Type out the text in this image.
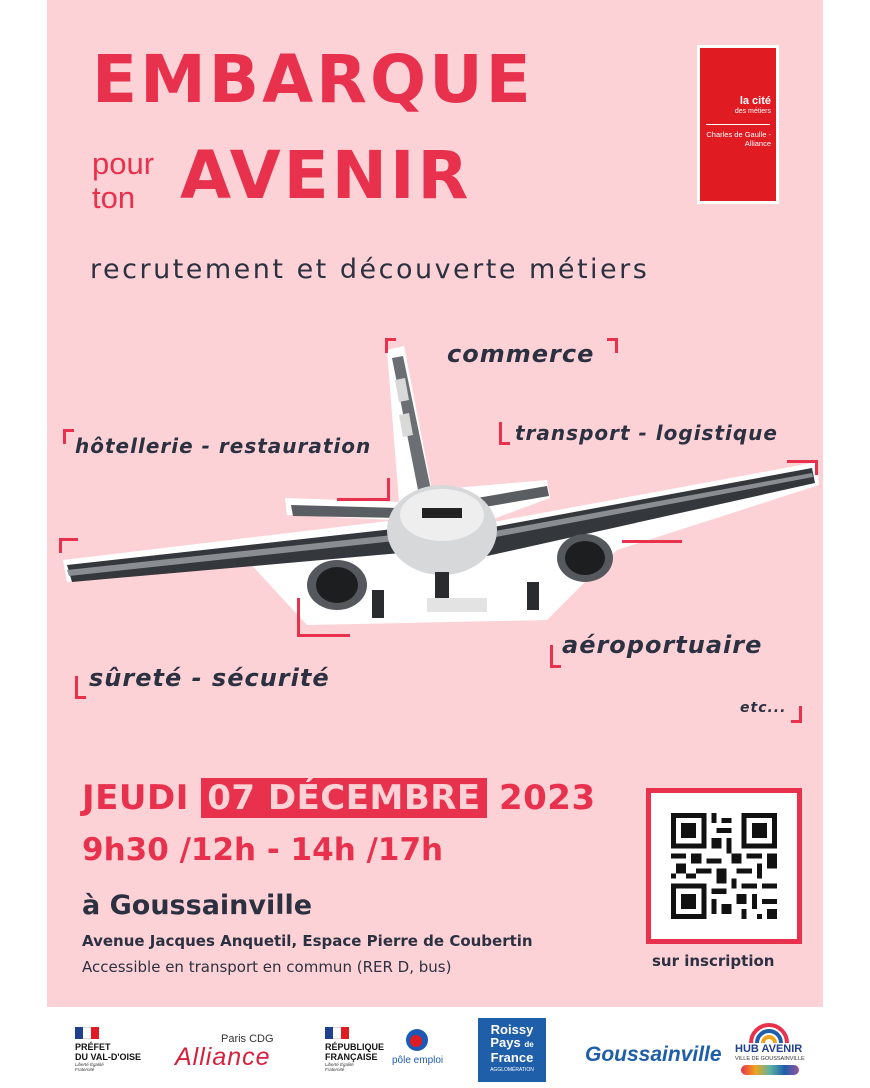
EMBARQUE
pour
ton AVENIR
la cité
des métiers
Charles de Gaulle - Alliance
recrutement et découverte métiers
commerce
hôtellerie - restauration
transport - logistique
aéroportuaire
sûreté - sécurité
etc...
JEUDI 07 DÉCEMBRE 2023
9h30 /12h - 14h /17h
à Goussainville
Avenue Jacques Anquetil, Espace Pierre de Coubertin
Accessible en transport en commun (RER D, bus)	sur inscription
PRÉFET
DU VAL-D'OISE
Liberté Égalité Fraternité
Paris CDG
Alliance	RÉPUBLIQUE
FRANÇAISE
Liberté Égalité Fraternité
pôle emploi
Roissy
Pays de
France
AGGLOMÉRATION
Goussainville HUB AVENIR
VILLE DE GOUSSAINVILLE
